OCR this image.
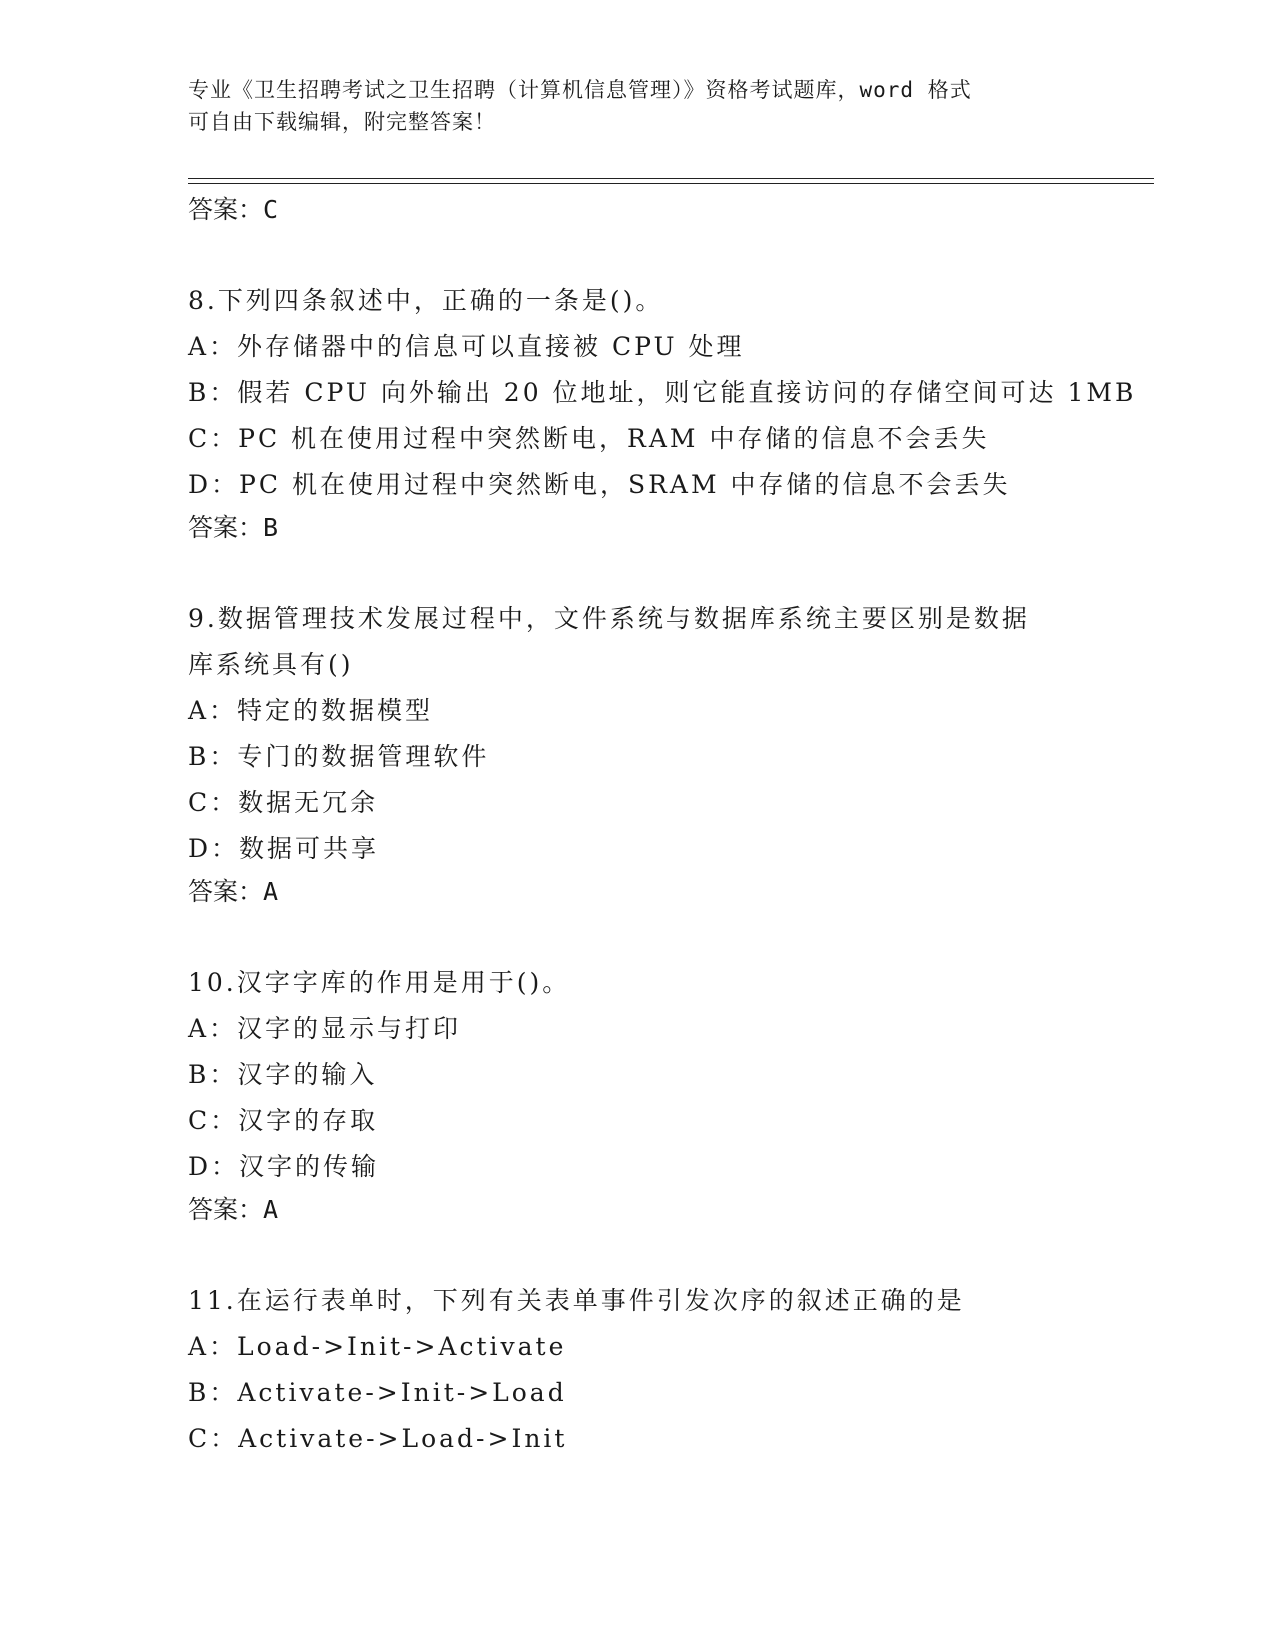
专业《卫生招聘考试之卫生招聘（计算机信息管理）》资格考试题库，word 格式
可自由下载编辑，附完整答案！

答案：C

8.下列四条叙述中，正确的一条是()。

A：外存储器中的信息可以直接被 CPU 处理

B：假若 CPU 向外输出 20 位地址，则它能直接访问的存储空间可达 1MB

C：PC 机在使用过程中突然断电，RAM 中存储的信息不会丢失

D：PC 机在使用过程中突然断电，SRAM 中存储的信息不会丢失

答案：B

9.数据管理技术发展过程中，文件系统与数据库系统主要区别是数据

库系统具有()

A：特定的数据模型

B：专门的数据管理软件

C：数据无冗余

D：数据可共享

答案：A

10.汉字字库的作用是用于()。

A：汉字的显示与打印

B：汉字的输入

C：汉字的存取

D：汉字的传输

答案：A

11.在运行表单时，下列有关表单事件引发次序的叙述正确的是

A：Load->Init->Activate

B：Activate->Init->Load

C：Activate->Load->Init
